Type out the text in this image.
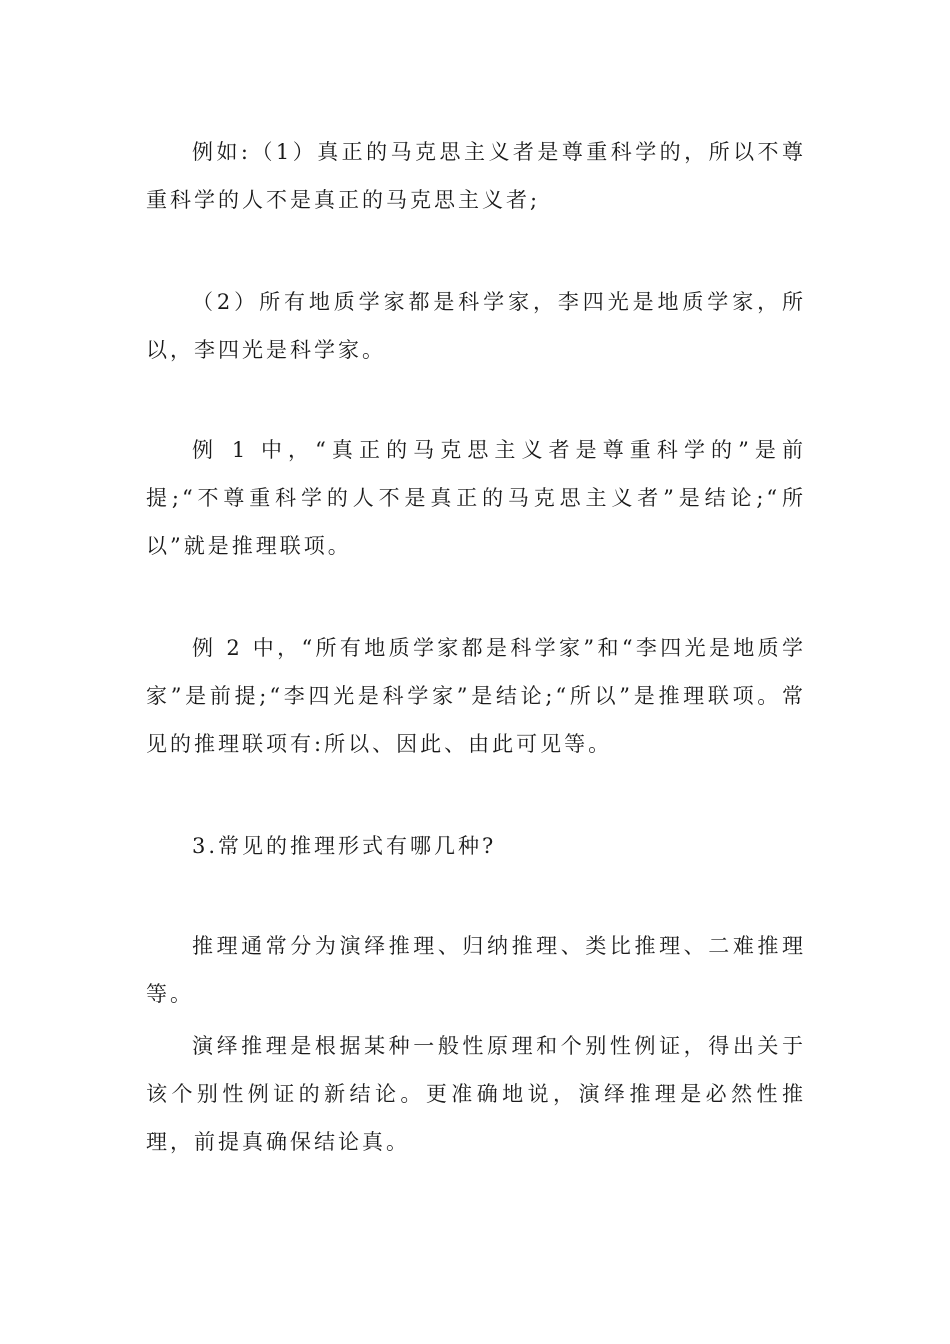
例如:（1）真正的马克思主义者是尊重科学的，所以不尊重科学的人不是真正的马克思主义者;

（2）所有地质学家都是科学家，李四光是地质学家，所以，李四光是科学家。

例 1 中，“真正的马克思主义者是尊重科学的”是前提;“不尊重科学的人不是真正的马克思主义者”是结论;“所以”就是推理联项。

例 2 中，“所有地质学家都是科学家”和“李四光是地质学家”是前提;“李四光是科学家”是结论;“所以”是推理联项。常见的推理联项有:所以、因此、由此可见等。

3.常见的推理形式有哪几种?

推理通常分为演绎推理、归纳推理、类比推理、二难推理等。

演绎推理是根据某种一般性原理和个别性例证，得出关于该个别性例证的新结论。更准确地说，演绎推理是必然性推理，前提真确保结论真。
